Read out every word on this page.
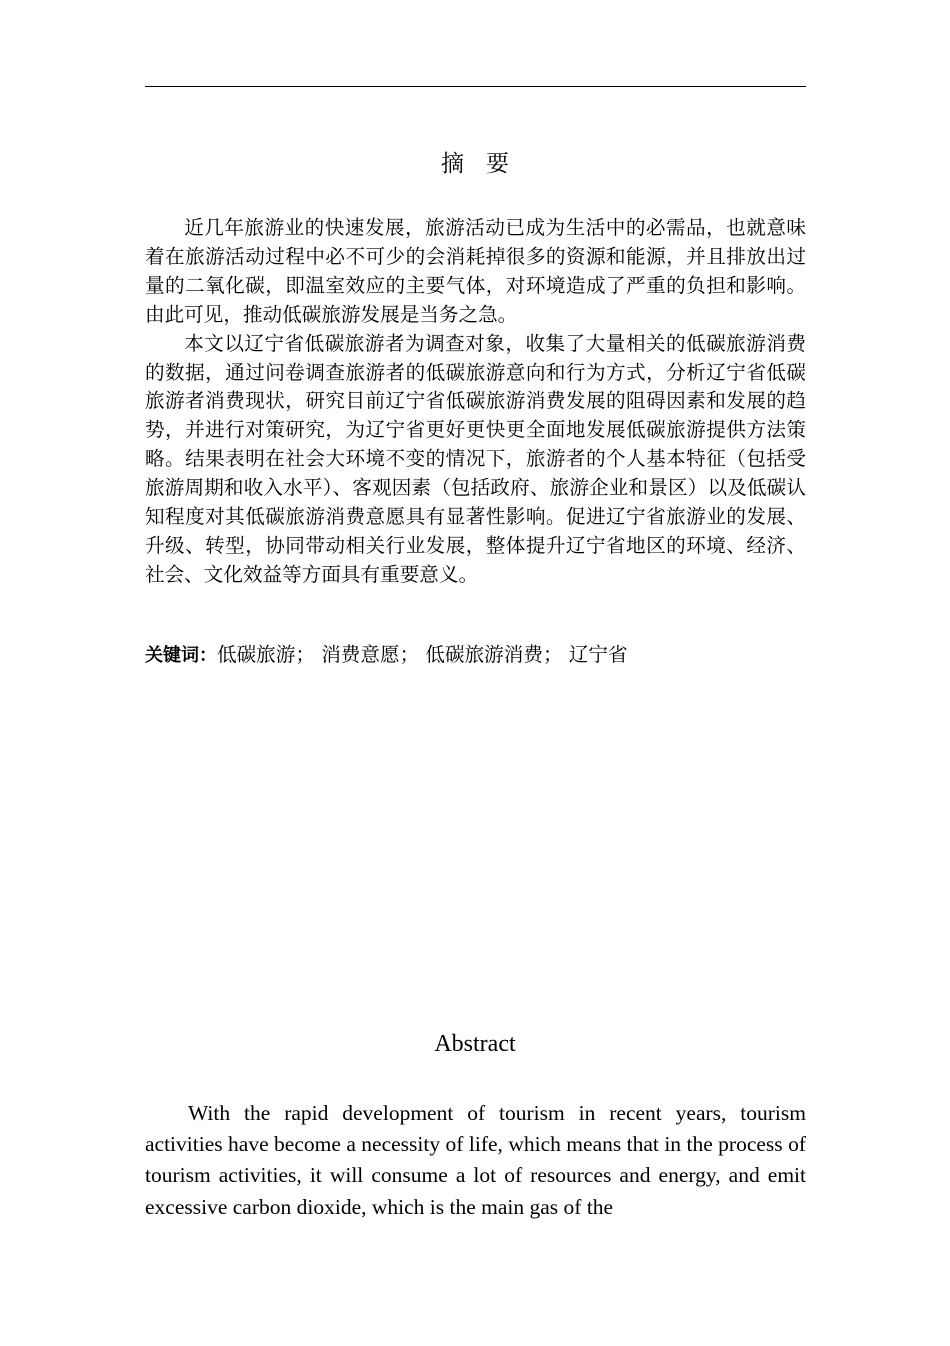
摘要

近几年旅游业的快速发展，旅游活动已成为生活中的必需品，也就意味着在旅游活动过程中必不可少的会消耗掉很多的资源和能源，并且排放出过量的二氧化碳，即温室效应的主要气体，对环境造成了严重的负担和影响。由此可见，推动低碳旅游发展是当务之急。

本文以辽宁省低碳旅游者为调查对象，收集了大量相关的低碳旅游消费的数据，通过问卷调查旅游者的低碳旅游意向和行为方式，分析辽宁省低碳旅游者消费现状，研究目前辽宁省低碳旅游消费发展的阻碍因素和发展的趋势，并进行对策研究，为辽宁省更好更快更全面地发展低碳旅游提供方法策略。结果表明在社会大环境不变的情况下，旅游者的个人基本特征（包括受旅游周期和收入水平）、客观因素（包括政府、旅游企业和景区）以及低碳认知程度对其低碳旅游消费意愿具有显著性影响。促进辽宁省旅游业的发展、升级、转型，协同带动相关行业发展，整体提升辽宁省地区的环境、经济、社会、文化效益等方面具有重要意义。

关键词：低碳旅游； 消费意愿； 低碳旅游消费； 辽宁省
Abstract

With the rapid development of tourism in recent years, tourism activities have become a necessity of life, which means that in the process of tourism activities, it will consume a lot of resources and energy, and emit excessive carbon dioxide, which is the main gas of the
